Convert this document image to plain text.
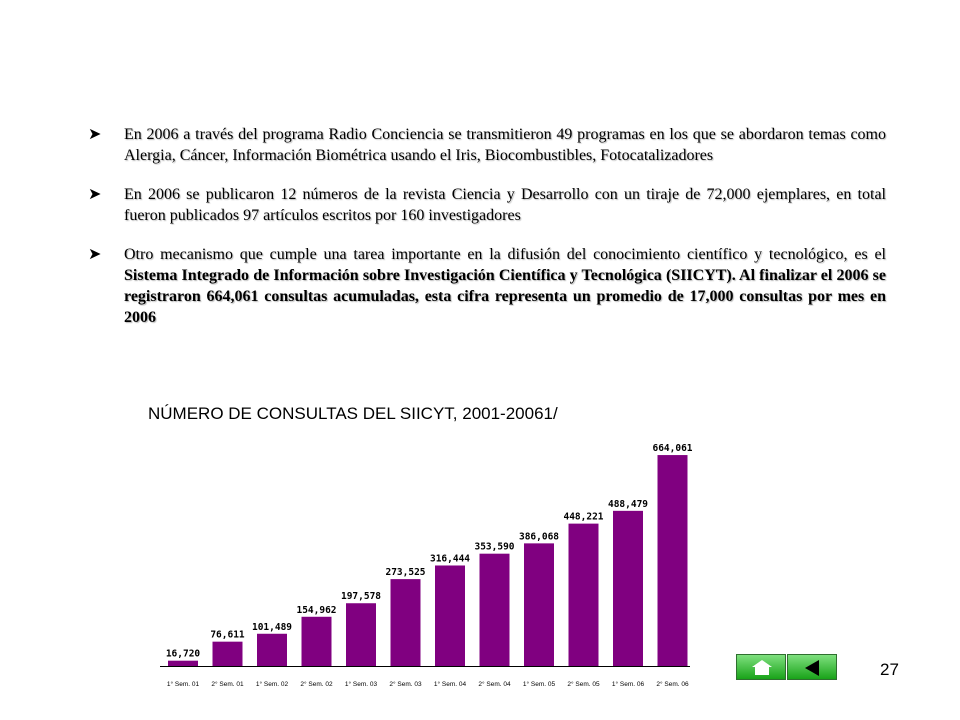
➤	En 2006 a través del programa Radio Conciencia se transmitieron 49 programas en los que se abordaron temas como Alergia, Cáncer, Información Biométrica usando el Iris, Biocombustibles, Fotocatalizadores
➤	En 2006 se publicaron 12 números de la revista Ciencia y Desarrollo con un tiraje de 72,000 ejemplares, en total fueron publicados 97 artículos escritos por 160 investigadores
➤	Otro mecanismo que cumple una tarea importante en la difusión del conocimiento científico y tecnológico, es el Sistema Integrado de Información sobre Investigación Científica y Tecnológica (SIICYT). Al finalizar el 2006 se registraron 664,061 consultas acumuladas, esta cifra representa un promedio de 17,000 consultas por mes en 2006
NÚMERO DE CONSULTAS DEL SIICYT, 2001-20061/
16,720
1° Sem. 01
76,611
2° Sem. 01
101,489
1° Sem. 02
154,962
2° Sem. 02
197,578
1° Sem. 03
273,525
2° Sem. 03
316,444
1° Sem. 04
353,590
2° Sem. 04
386,068
1° Sem. 05
448,221
2° Sem. 05
488,479
1° Sem. 06
664,061
2° Sem. 06
27
